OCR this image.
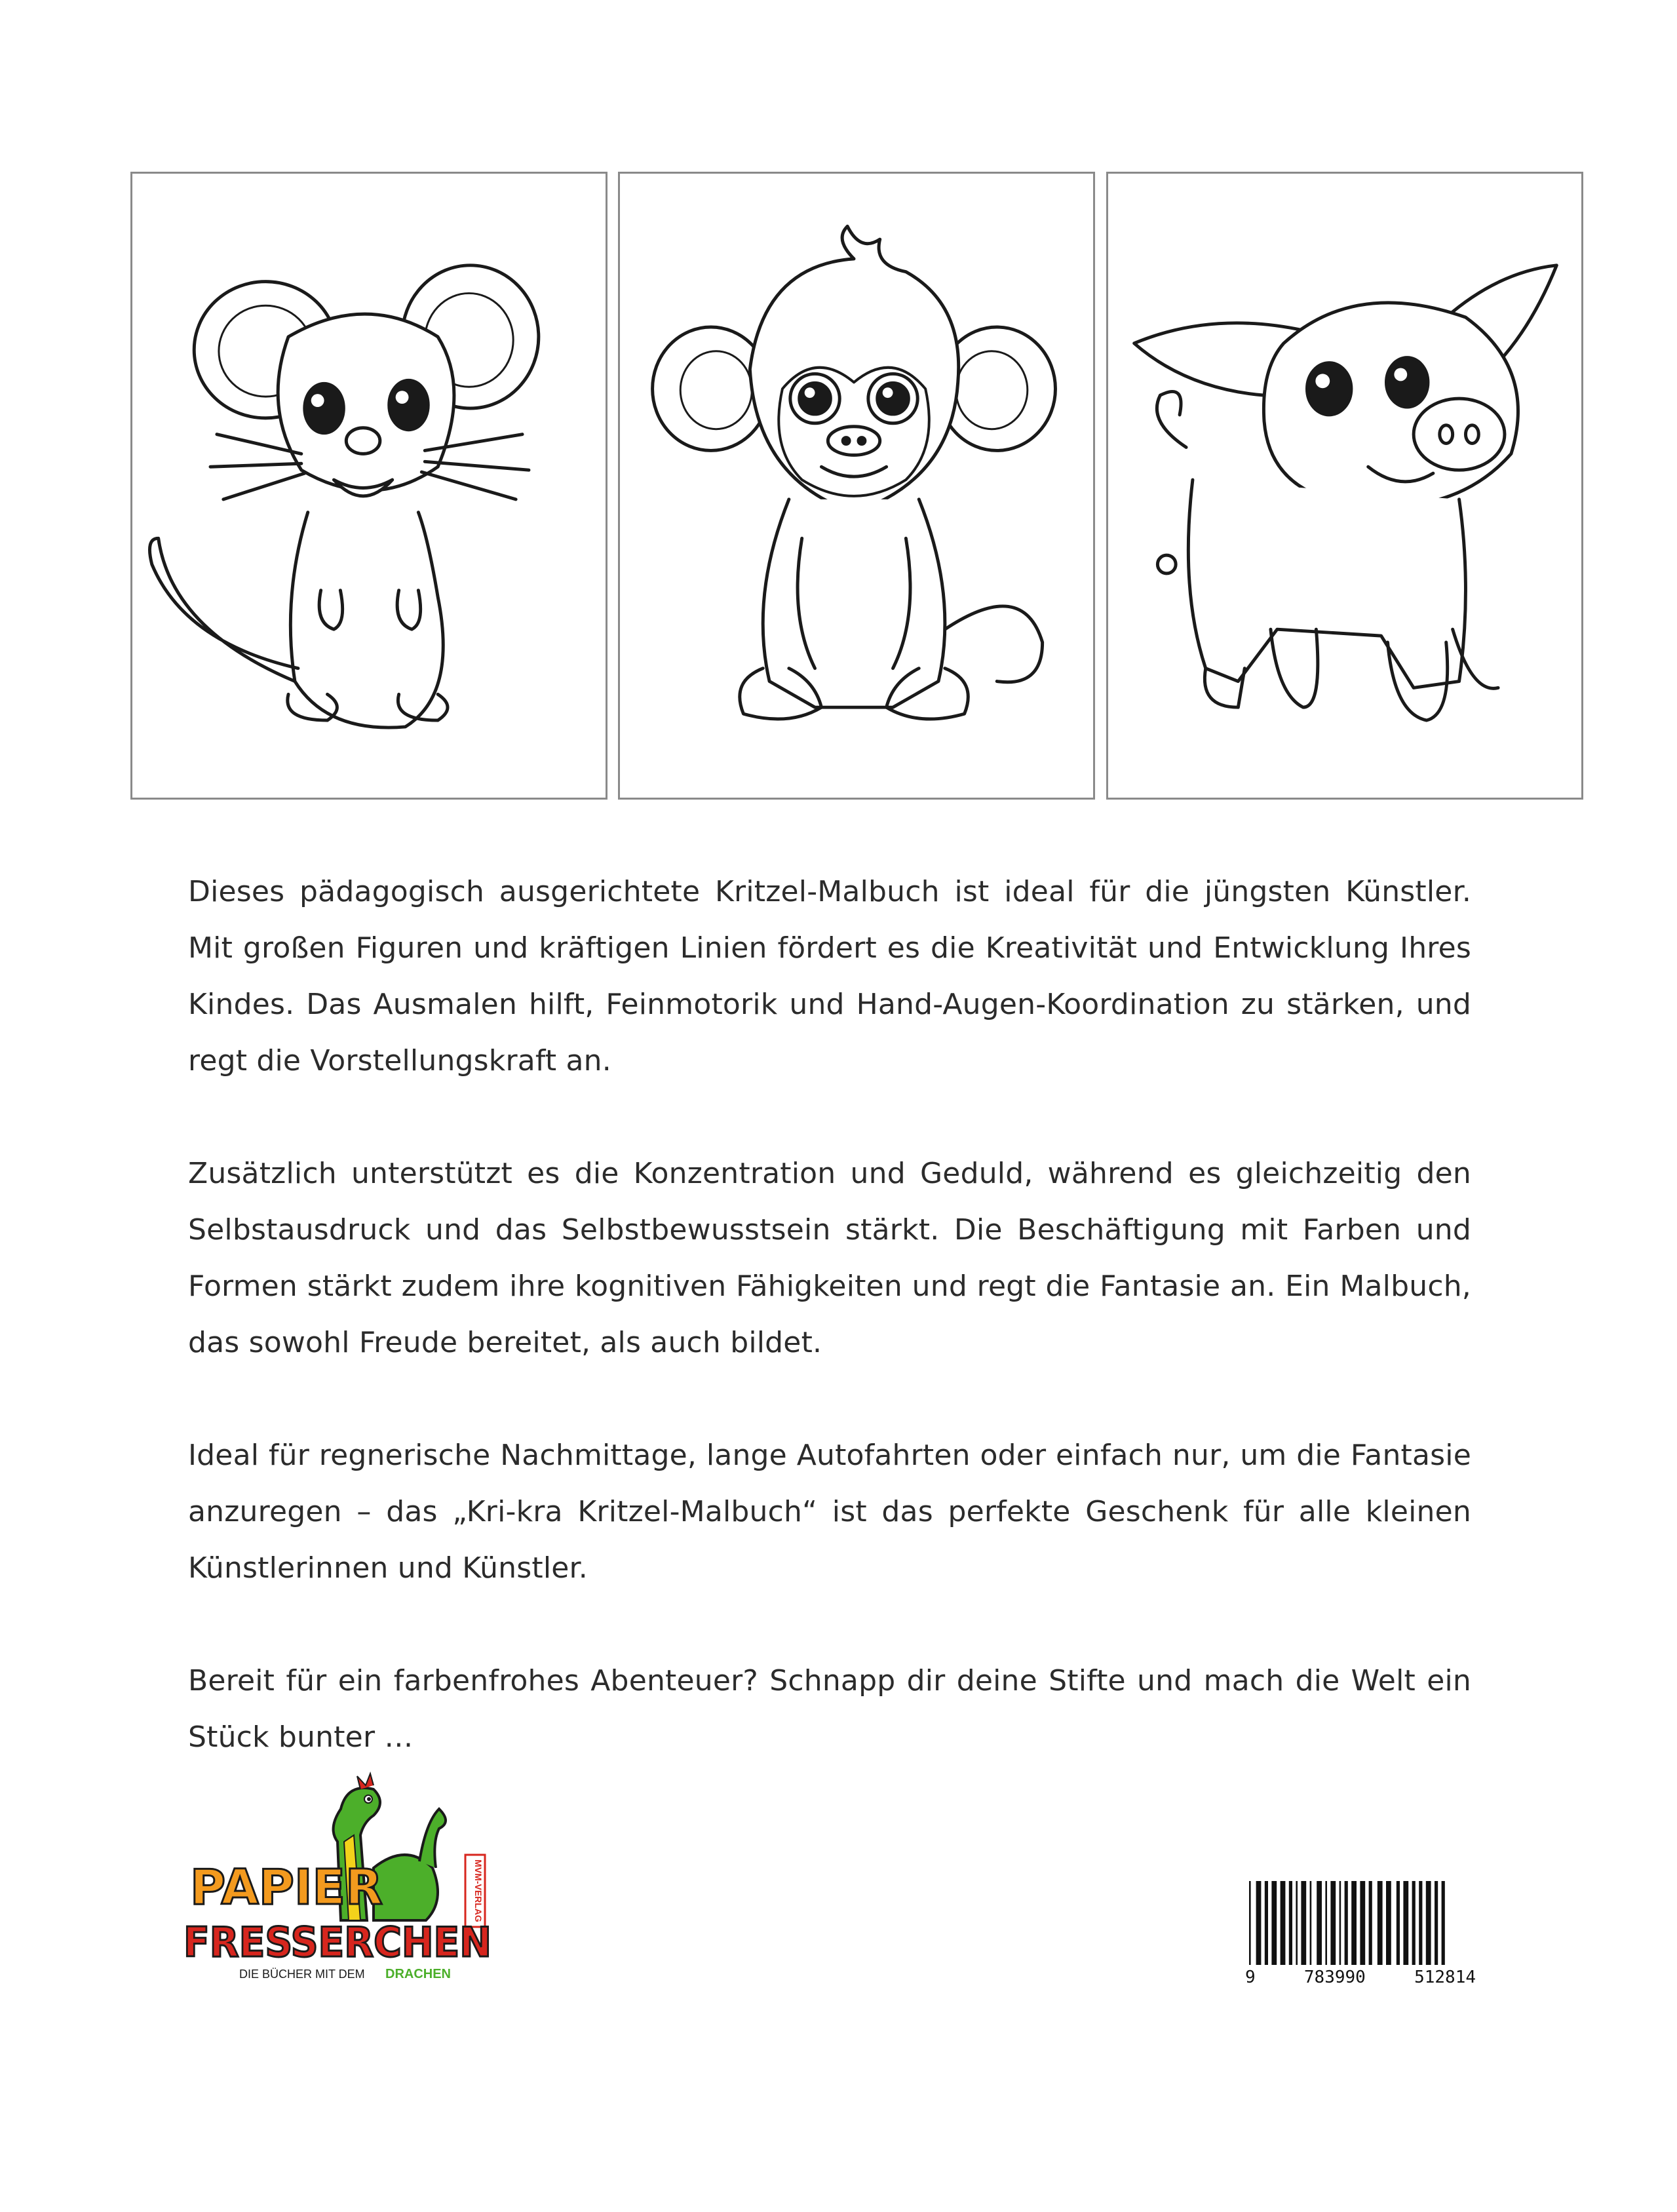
Dieses pädagogisch ausgerichtete Kritzel-Malbuch ist ideal für die jüngsten Künstler. Mit großen Figuren und kräftigen Linien fördert es die Kreativität und Entwicklung Ihres Kindes. Das Ausmalen hilft, Feinmotorik und Hand-Augen-Koordination zu stärken, und regt die Vorstellungskraft an.

Zusätzlich unterstützt es die Konzentration und Geduld, während es gleichzeitig den Selbstausdruck und das Selbstbewusstsein stärkt. Die Beschäftigung mit Farben und Formen stärkt zudem ihre kognitiven Fähigkeiten und regt die Fantasie an. Ein Malbuch, das sowohl Freude bereitet, als auch bildet.

Ideal für regnerische Nachmittage, lange Autofahrten oder einfach nur, um die Fantasie anzuregen – das „Kri-kra Kritzel-Malbuch“ ist das perfekte Geschenk für alle kleinen Künstlerinnen und Künstler.

Bereit für ein farbenfrohes Abenteuer? Schnapp dir deine Stifte und mach die Welt ein Stück bunter …

MVM-VERLAG
PAPIER
FRESSERCHEN
DIE BÜCHER MIT DEM DRACHEN	9	783990	512814
